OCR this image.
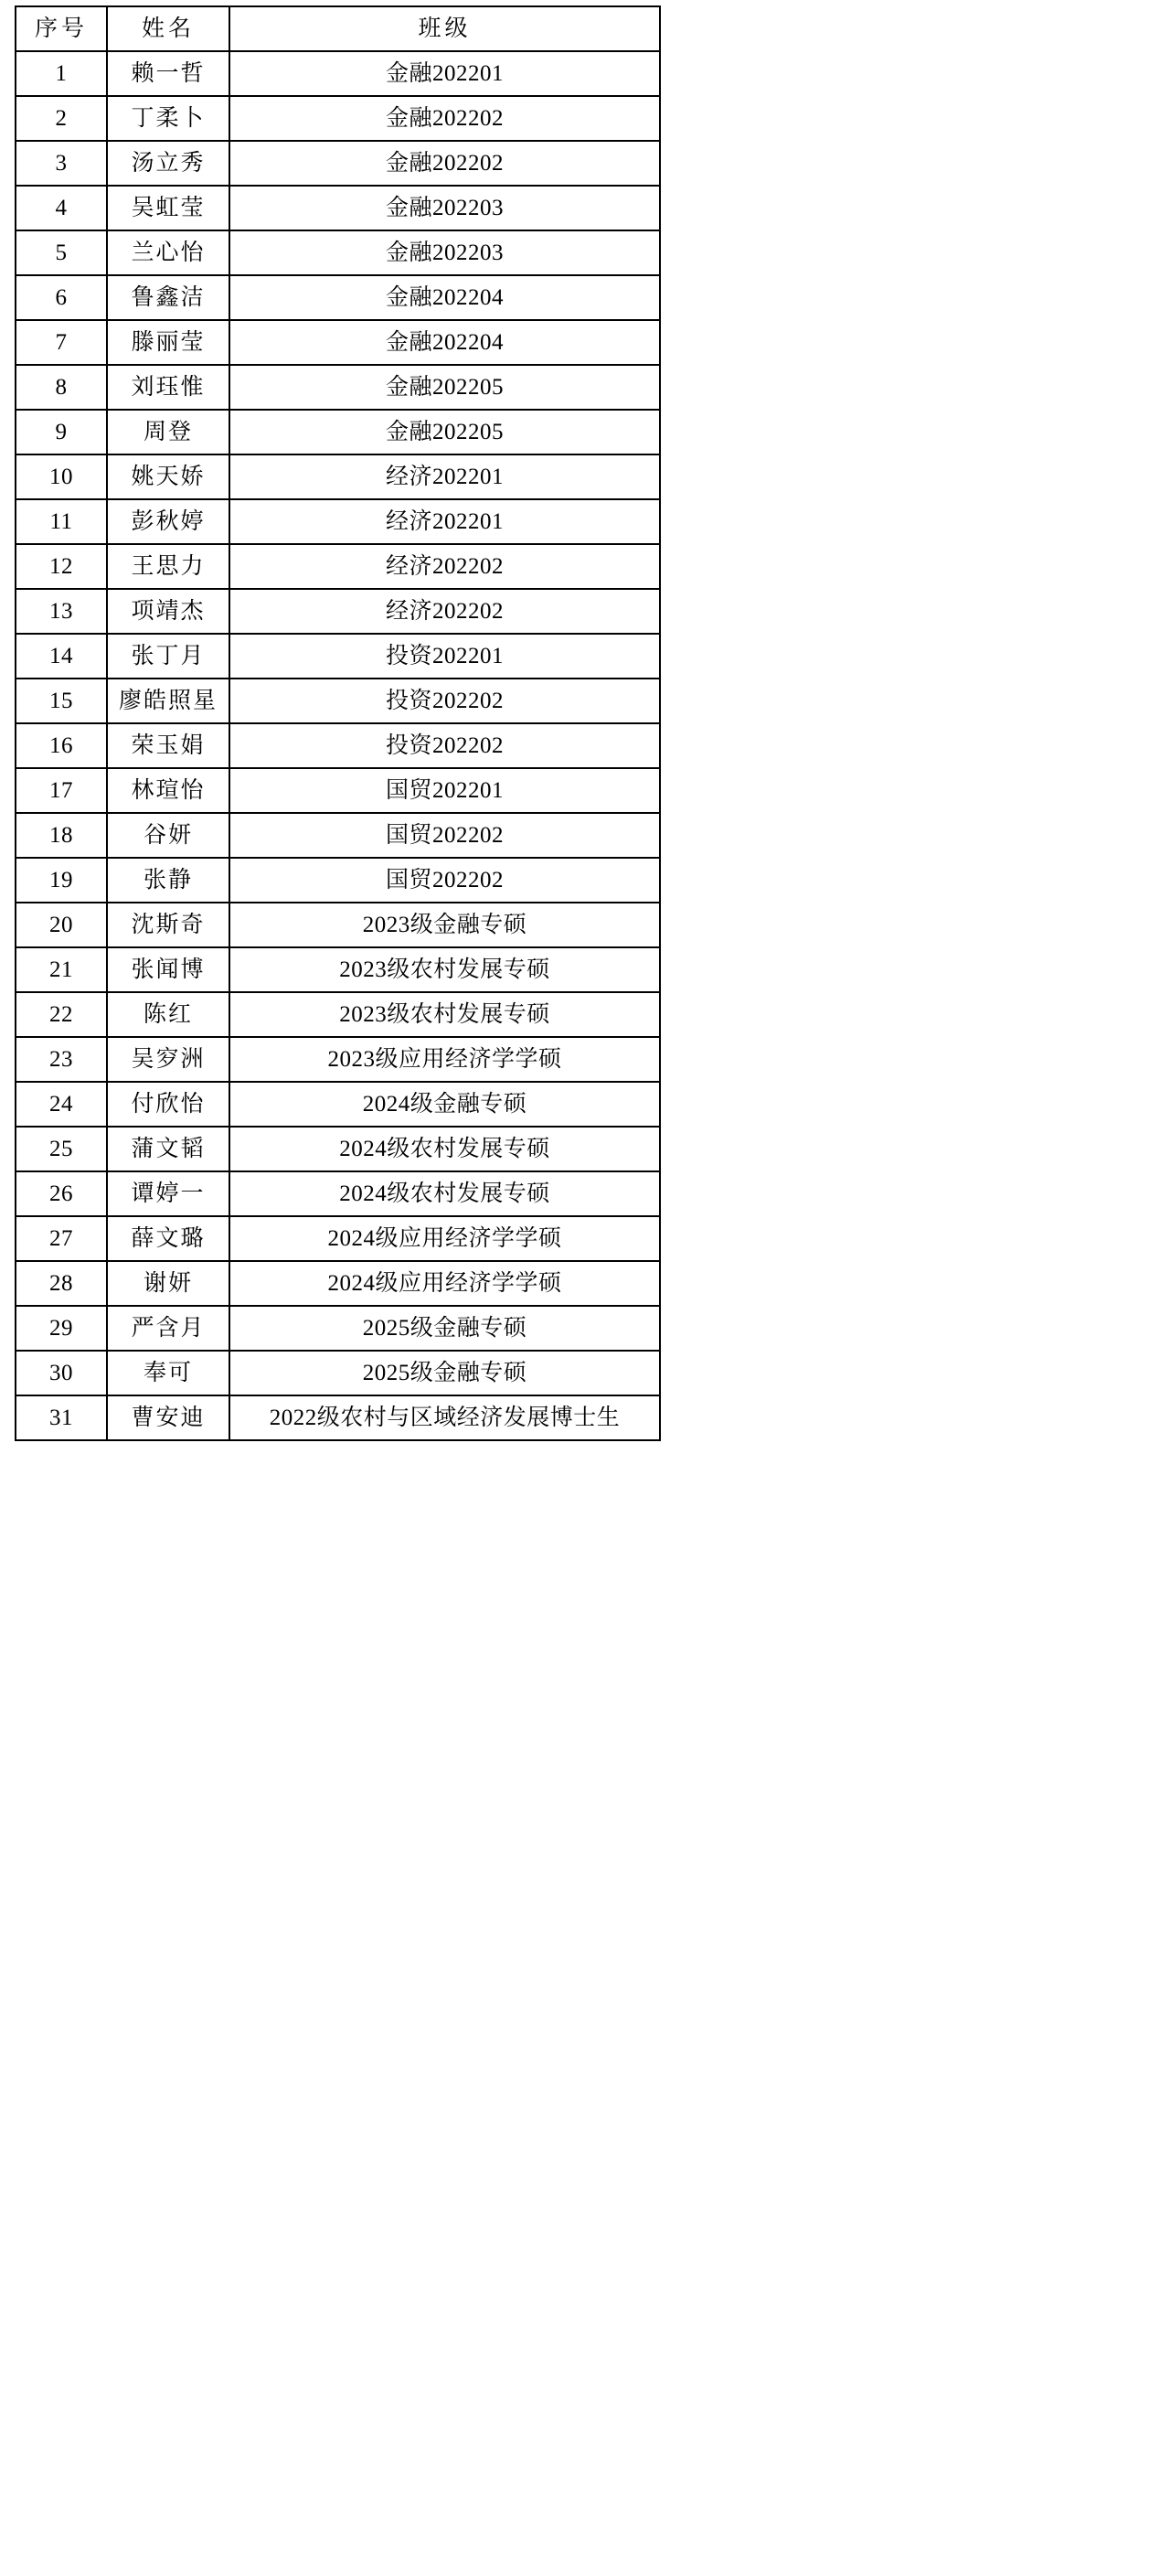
序号	姓名	班级
1	赖一哲	金融202201
2	丁柔卜	金融202202
3	汤立秀	金融202202
4	吴虹莹	金融202203
5	兰心怡	金融202203
6	鲁鑫洁	金融202204
7	滕丽莹	金融202204
8	刘珏惟	金融202205
9	周登	金融202205
10	姚天娇	经济202201
11	彭秋婷	经济202201
12	王思力	经济202202
13	项靖杰	经济202202
14	张丁月	投资202201
15	廖皓照星	投资202202
16	荣玉娟	投资202202
17	林瑄怡	国贸202201
18	谷妍	国贸202202
19	张静	国贸202202
20	沈斯奇	2023级金融专硕
21	张闻博	2023级农村发展专硕
22	陈红	2023级农村发展专硕
23	吴穸洲	2023级应用经济学学硕
24	付欣怡	2024级金融专硕
25	蒲文韬	2024级农村发展专硕
26	谭婷一	2024级农村发展专硕
27	薛文璐	2024级应用经济学学硕
28	谢妍	2024级应用经济学学硕
29	严含月	2025级金融专硕
30	奉可	2025级金融专硕
31	曹安迪	2022级农村与区域经济发展博士生
